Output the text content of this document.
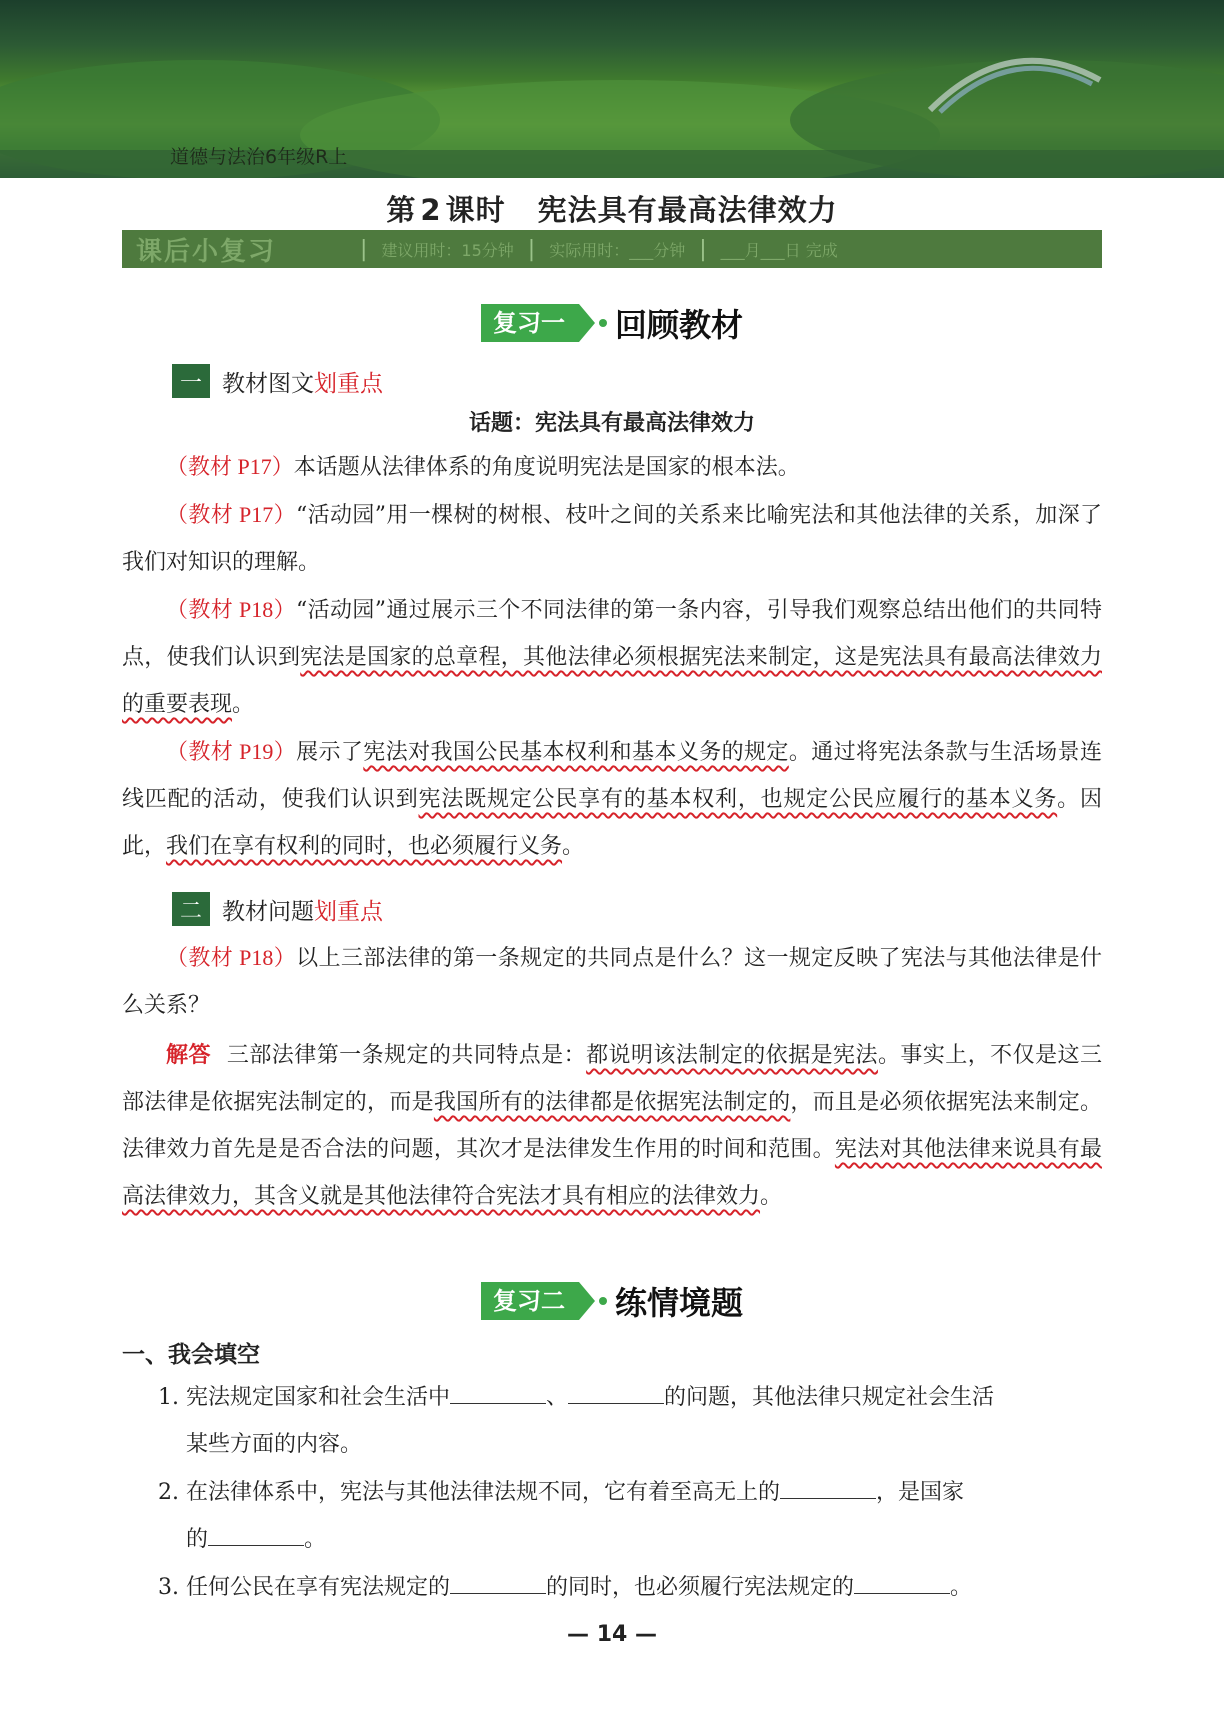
道德与法治6年级R上
第 2 课时 宪法具有最高法律效力
课后小复习	| 建议用时：15分钟 | 实际用时：___分钟 | ___月___日 完成
复习一	回顾教材
一 教材图文 划重点
话题：宪法具有最高法律效力
（教材 P17）本话题从法律体系的角度说明宪法是国家的根本法。
（教材 P17）“活动园”用一棵树的树根、枝叶之间的关系来比喻宪法和其他法律的关系，加深了我们对知识的理解。
（教材 P18）“活动园”通过展示三个不同法律的第一条内容，引导我们观察总结出他们的共同特点，使我们认识到宪法是国家的总章程，其他法律必须根据宪法来制定，这是宪法具有最高法律效力的重要表现。
（教材 P19）展示了宪法对我国公民基本权利和基本义务的规定。通过将宪法条款与生活场景连线匹配的活动，使我们认识到宪法既规定公民享有的基本权利，也规定公民应履行的基本义务。因此，我们在享有权利的同时，也必须履行义务。
二 教材问题 划重点
（教材 P18）以上三部法律的第一条规定的共同点是什么？这一规定反映了宪法与其他法律是什么关系？
解答 三部法律第一条规定的共同特点是：都说明该法制定的依据是宪法。事实上，不仅是这三部法律是依据宪法制定的，而是我国所有的法律都是依据宪法制定的，而且是必须依据宪法来制定。法律效力首先是是否合法的问题，其次才是法律发生作用的时间和范围。宪法对其他法律来说具有最高法律效力，其含义就是其他法律符合宪法才具有相应的法律效力。
复习二	练情境题
一、我会填空
1. 宪法规定国家和社会生活中	、	的问题，其他法律只规定社会生活
某些方面的内容。
2. 在法律体系中，宪法与其他法律法规不同，它有着至高无上的	，是国家
的	。
3. 任何公民在享有宪法规定的	的同时，也必须履行宪法规定的	。
— 14 —
